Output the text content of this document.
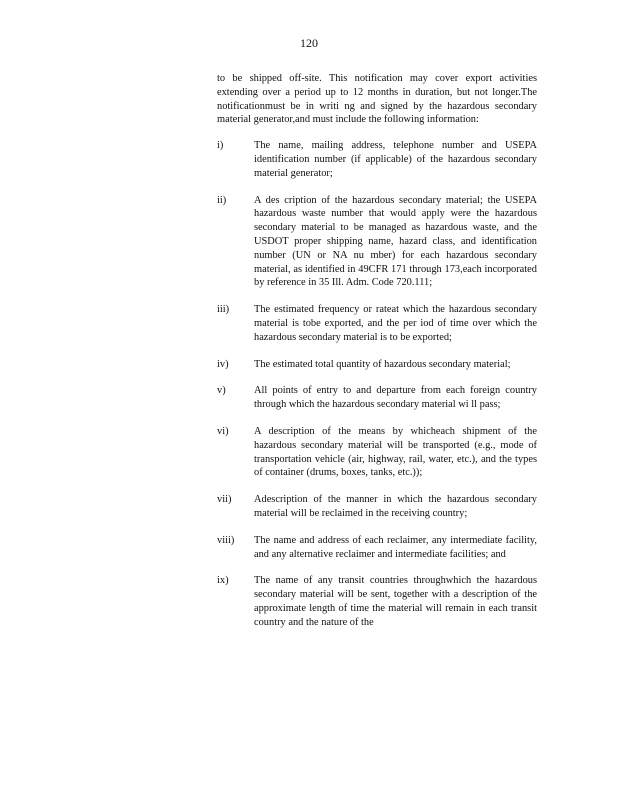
120

to be shipped off-site. This notification may cover export activities extending over a period up to 12 months in duration, but not longer.The notificationmust be in writi ng and signed by the hazardous secondary material generator,and must include the following information:

i)	The name, mailing address, telephone number and USEPA identification number (if applicable) of the hazardous secondary material generator;
ii)	A des cription of the hazardous secondary material; the USEPA hazardous waste number that would apply were the hazardous secondary material to be managed as hazardous waste, and the USDOT proper shipping name, hazard class, and identification number (UN or NA nu mber) for each hazardous secondary material, as identified in 49CFR 171 through 173,each incorporated by reference in 35 Ill. Adm. Code 720.111;
iii)	The estimated frequency or rateat which the hazardous secondary material is tobe exported, and the per iod of time over which the hazardous secondary material is to be exported;
iv)	The estimated total quantity of hazardous secondary material;
v)	All points of entry to and departure from each foreign country through which the hazardous secondary material wi ll pass;
vi)	A description of the means by whicheach shipment of the hazardous secondary material will be transported (e.g., mode of transportation vehicle (air, highway, rail, water, etc.), and the types of container (drums, boxes, tanks, etc.));
vii)	Adescription of the manner in which the hazardous secondary material will be reclaimed in the receiving country;
viii)	The name and address of each reclaimer, any intermediate facility, and any alternative reclaimer and intermediate facilities; and
ix)	The name of any transit countries throughwhich the hazardous secondary material will be sent, together with a description of the approximate length of time the material will remain in each transit country and the nature of the
